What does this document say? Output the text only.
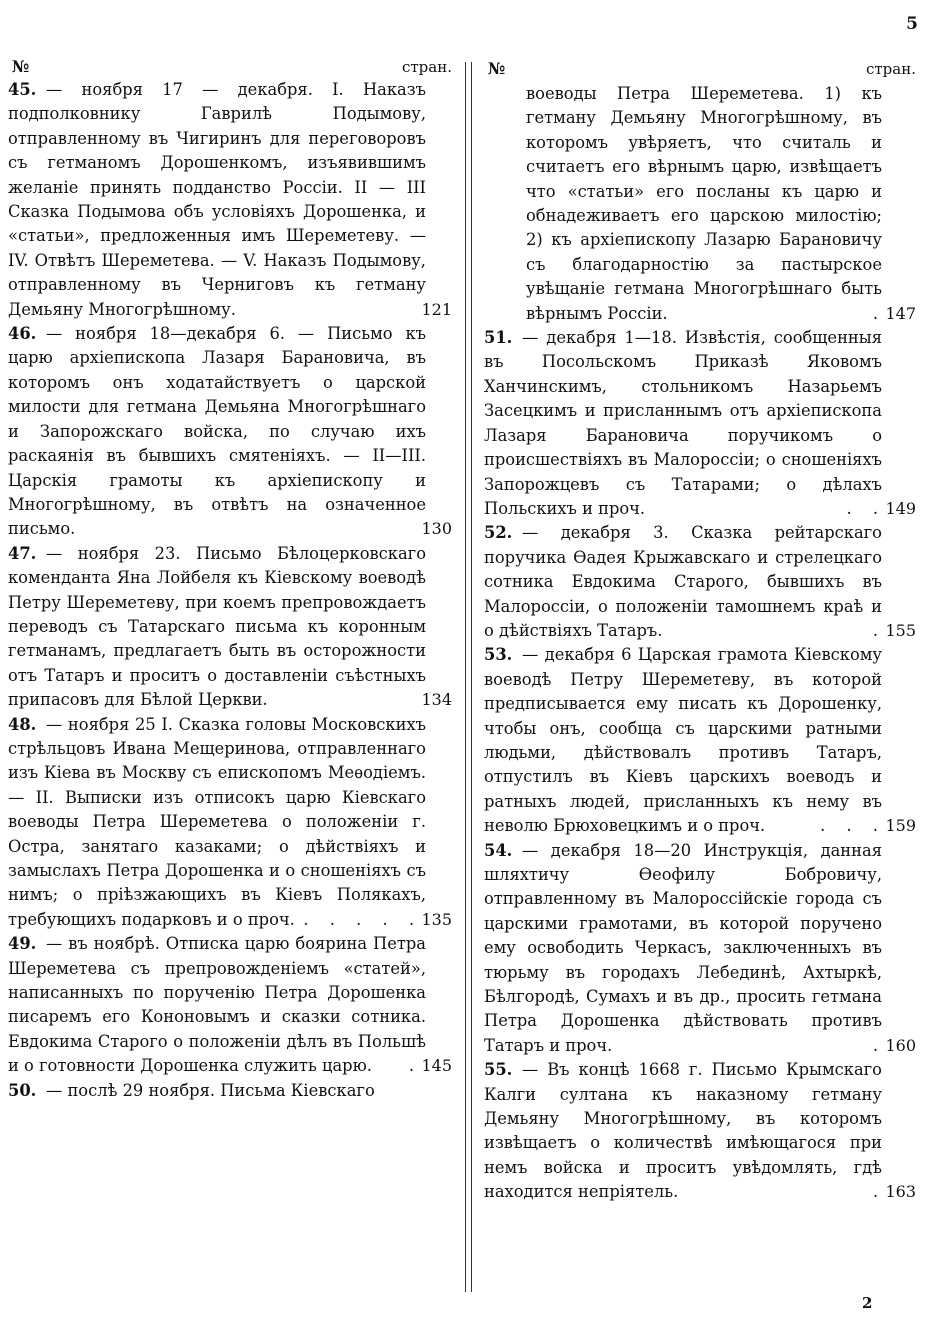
5
№	стран.

45. — ноября 17 — декабря. I. Наказъ подполковнику Гаврилѣ Подымову, отправленному въ Чигиринъ для переговоровъ съ гетманомъ Дорошенкомъ, изъявившимъ желаніе принять подданство Россіи. II — III Сказка Подымова объ условіяхъ Дорошенка, и «статьи», предложенныя имъ Шереметеву. — IV. Отвѣтъ Шереметева. — V. Наказъ Подымову, отправленному въ Черниговъ къ гетману Демьяну Многогрѣшному.	121

46. — ноября 18—декабря 6. — Письмо къ царю архіепископа Лазаря Барановича, въ которомъ онъ ходатайствуетъ о царской милости для гетмана Демьяна Многогрѣшнаго и Запорожскаго войска, по случаю ихъ раскаянія въ бывшихъ смятеніяхъ. — II—III. Царскія грамоты къ архіепископу и Многогрѣшному, въ отвѣтъ на означенное письмо.	130

47. — ноября 23. Письмо Бѣлоцерковскаго коменданта Яна Лойбеля къ Кіевскому воеводѣ Петру Шереметеву, при коемъ препровождаетъ переводъ съ Татарскаго письма къ коронным гетманамъ, предлагаетъ быть въ осторожности отъ Татаръ и проситъ о доставленіи съѣстныхъ припасовъ для Бѣлой Церкви.	134

48. — ноября 25 I. Сказка головы Московскихъ стрѣльцовъ Ивана Мещеринова, отправленнаго изъ Кіева въ Москву съ епископомъ Меѳодіемъ.— II. Выписки изъ отписокъ царю Кіевскаго воеводы Петра Шереметева о положеніи г. Остра, занятаго казаками; о дѣйствіяхъ и замыслахъ Петра Дорошенка и о сношеніяхъ съ нимъ; о пріѣзжающихъ въ Кіевъ Полякахъ, требующихъ подарковъ и о проч. . . . . . 135

49. — въ ноябрѣ. Отписка царю боярина Петра Шереметева съ препровожденіемъ «статей», написанныхъ по порученію Петра Дорошенка писаремъ его Кононовымъ и сказки сотника. Евдокима Старого о положеніи дѣлъ въ Польшѣ и о готовности Дорошенка служить царю.	. 145

50. — послѣ 29 ноября. Письма Кіевскаго

№	стран.

воеводы Петра Шереметева. 1) къ гетману Демьяну Многогрѣшному, въ которомъ увѣряетъ, что считаль и считаетъ его вѣрнымъ царю, извѣщаетъ что «статьи» его посланы къ царю и обнадеживаетъ его царскою милостію; 2) къ архіепископу Лазарю Барановичу съ благодарностію за пастырское увѣщаніе гетмана Многогрѣшнаго быть вѣрнымъ Россіи.	. 147

51. — декабря 1—18. Извѣстія, сообщенныя въ Посольскомъ Приказѣ Яковомъ Ханчинскимъ, стольникомъ Назарьемъ Засецкимъ и присланнымъ отъ архіепископа Лазаря Барановича поручикомъ о происшествіяхъ въ Малороссіи; о сношеніяхъ Запорожцевъ съ Татарами; о дѣлахъ Польскихъ и проч.	. . 149

52. — декабря 3. Сказка рейтарскаго поручика Ѳадея Крыжавскаго и стрелецкаго сотника Евдокима Старого, бывшихъ въ Малороссіи, о положеніи тамошнемъ краѣ и о дѣйствіяхъ Татаръ.	. 155

53. — декабря 6 Царская грамота Кіевскому воеводѣ Петру Шереметеву, въ которой предписывается ему писать къ Дорошенку, чтобы онъ, сообща съ царскими ратными людьми, дѣйствовалъ противъ Татаръ, отпустилъ въ Кіевъ царскихъ воеводъ и ратныхъ людей, присланныхъ къ нему въ неволю Брюховецкимъ и о проч.	. . . 159

54. — декабря 18—20 Инструкція, данная шляхтичу Ѳеофилу Бобровичу, отправленному въ Малороссійскіе города съ царскими грамотами, въ которой поручено ему освободить Черкасъ, заключенныхъ въ тюрьму въ городахъ Лебединѣ, Ахтыркѣ, Бѣлгородѣ, Сумахъ и въ др., просить гетмана Петра Дорошенка дѣйствовать противъ Татаръ и проч.	. 160

55. — Въ концѣ 1668 г. Письмо Крымскаго Калги султана къ наказному гетману Демьяну Многогрѣшному, въ которомъ извѣщаетъ о количествѣ имѣющагося при немъ войска и проситъ увѣдомлять, гдѣ находится непріятель.	. 163
2
